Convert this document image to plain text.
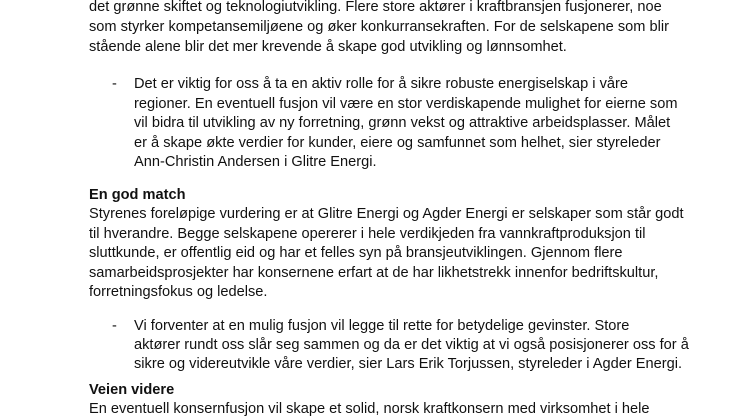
det grønne skiftet og teknologiutvikling. Flere store aktører i kraftbransjen fusjonerer, noe
som styrker kompetansemiljøene og øker konkurransekraften. For de selskapene som blir
stående alene blir det mer krevende å skape god utvikling og lønnsomhet.
- Det er viktig for oss å ta en aktiv rolle for å sikre robuste energiselskap i våre
regioner. En eventuell fusjon vil være en stor verdiskapende mulighet for eierne som
vil bidra til utvikling av ny forretning, grønn vekst og attraktive arbeidsplasser. Målet
er å skape økte verdier for kunder, eiere og samfunnet som helhet, sier styreleder
Ann-Christin Andersen i Glitre Energi.
En god match
Styrenes foreløpige vurdering er at Glitre Energi og Agder Energi er selskaper som står godt
til hverandre. Begge selskapene opererer i hele verdikjeden fra vannkraftproduksjon til
sluttkunde, er offentlig eid og har et felles syn på bransjeutviklingen. Gjennom flere
samarbeidsprosjekter har konsernene erfart at de har likhetstrekk innenfor bedriftskultur,
forretningsfokus og ledelse.
- Vi forventer at en mulig fusjon vil legge til rette for betydelige gevinster. Store
aktører rundt oss slår seg sammen og da er det viktig at vi også posisjonerer oss for å
sikre og videreutvikle våre verdier, sier Lars Erik Torjussen, styreleder i Agder Energi.
Veien videre
En eventuell konsernfusjon vil skape et solid, norsk kraftkonsern med virksomhet i hele
